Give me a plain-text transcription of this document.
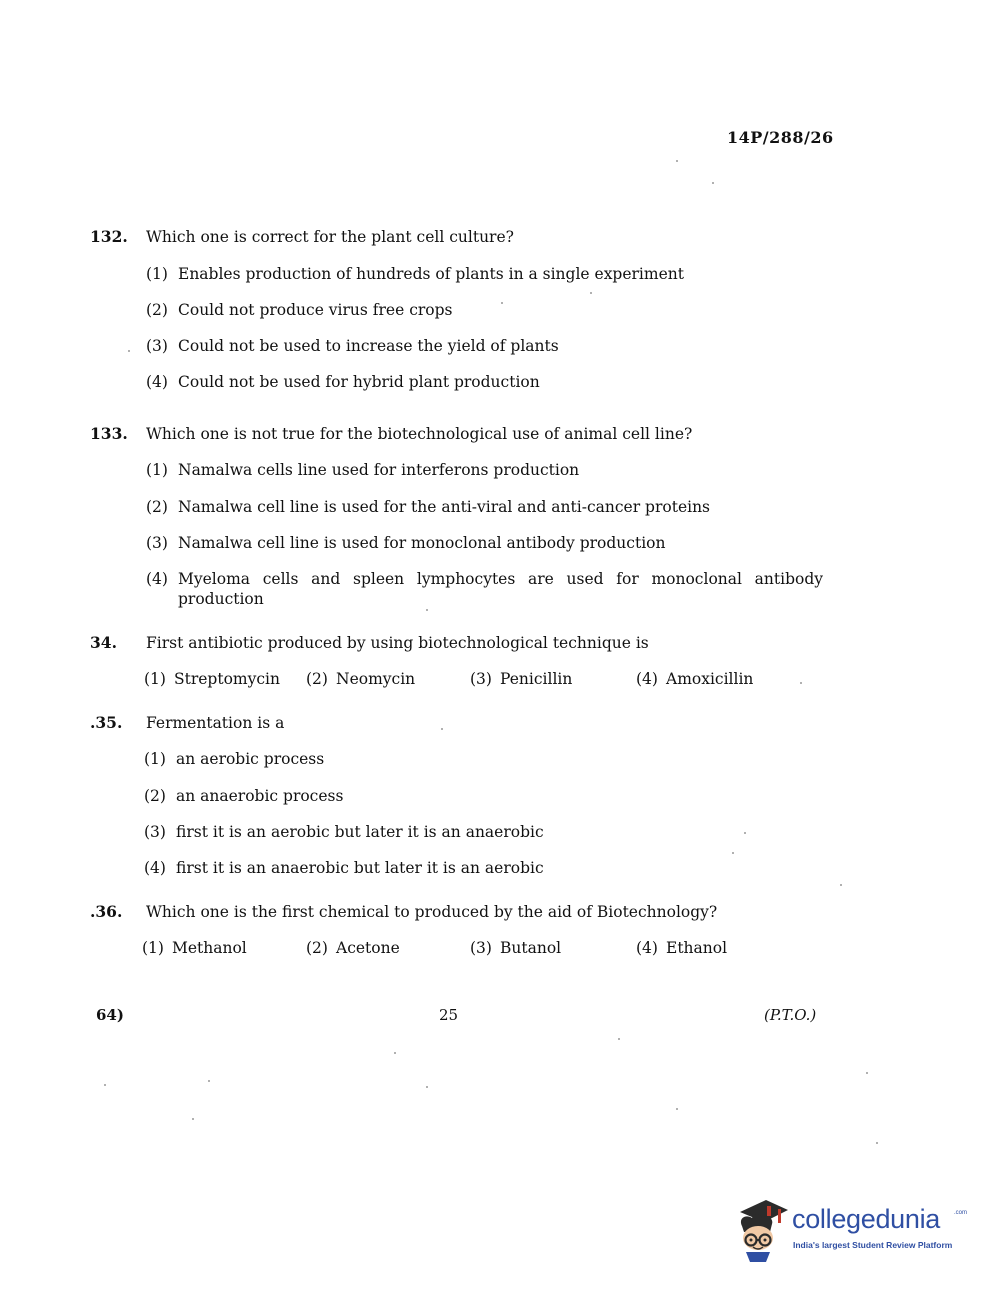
14P/288/26
132.	Which one is correct for the plant cell culture?
(1) Enables production of hundreds of plants in a single experiment
(2) Could not produce virus free crops
(3) Could not be used to increase the yield of plants
(4) Could not be used for hybrid plant production
133.	Which one is not true for the biotechnological use of animal cell line?
(1) Namalwa cells line used for interferons production
(2) Namalwa cell line is used for the anti-viral and anti-cancer proteins
(3) Namalwa cell line is used for monoclonal antibody production
(4) Myeloma cells and spleen lymphocytes are used for monoclonal antibody production
34.	First antibiotic produced by using biotechnological technique is
(1) Streptomycin (2) Neomycin	(3) Penicillin	(4) Amoxicillin
.35.	Fermentation is a
(1) an aerobic process
(2) an anaerobic process
(3) first it is an aerobic but later it is an anaerobic
(4) first it is an anaerobic but later it is an aerobic
.36.	Which one is the first chemical to produced by the aid of Biotechnology?
(1) Methanol	(2) Acetone	(3) Butanol	(4) Ethanol
64)	25	(P.T.O.)
collegedunia .com
India's largest Student Review Platform
